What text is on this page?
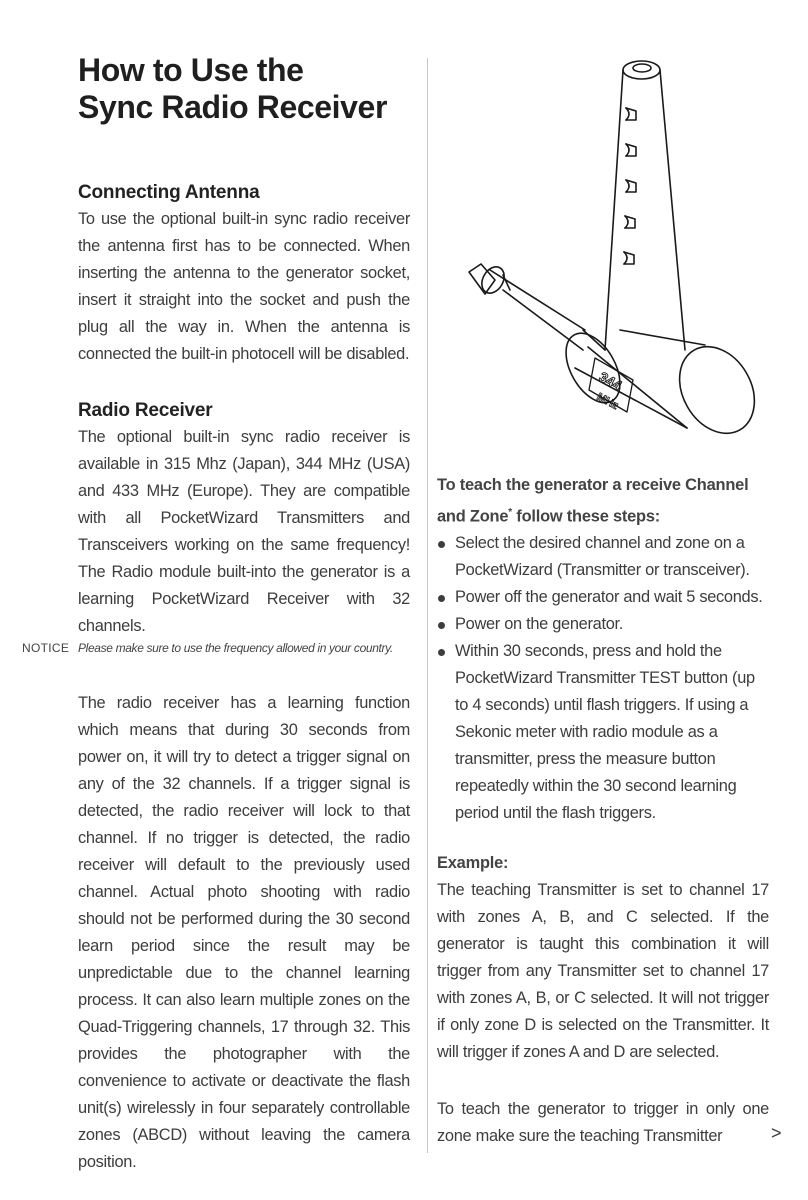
How to Use the
Sync Radio Receiver
Connecting Antenna

To use the optional built-in sync radio receiver the antenna first has to be connected. When inserting the antenna to the generator socket, insert it straight into the socket and push the plug all the way in. When the antenna is connected the built-in photocell will be disabled.

Radio Receiver

The optional built-in sync radio receiver is available in 315 Mhz (Japan), 344 MHz (USA) and 433 MHz (Europe). They are compatible with all PocketWizard Transmitters and Transceivers working on the same frequency! The Radio module built-into the generator is a learning PocketWizard Receiver with 32 channels.

NOTICE Please make sure to use the frequency allowed in your country.

The radio receiver has a learning function which means that during 30 seconds from power on, it will try to detect a trigger signal on any of the 32 channels. If a trigger signal is detected, the radio receiver will lock to that channel. If no trigger is detected, the radio receiver will default to the previously used channel. Actual photo shooting with radio should not be performed during the 30 second learn period since the result may be unpredictable due to the channel learning process. It can also learn multiple zones on the Quad-Triggering channels, 17 through 32. This provides the photographer with the convenience to activate or deactivate the flash unit(s) wirelessly in four separately controllable zones (ABCD) without leaving the camera position.

344
MHz
To teach the generator a receive Channel
and Zone* follow these steps:
Select the desired channel and zone on a PocketWizard (Transmitter or transceiver).
Power off the generator and wait 5 seconds.
Power on the generator.
Within 30 seconds, press and hold the PocketWizard Transmitter TEST button (up to 4 seconds) until flash triggers. If using a Sekonic meter with radio module as a transmitter, press the measure button repeatedly within the 30 second learning period until the flash triggers.
Example:

The teaching Transmitter is set to channel 17 with zones A, B, and C selected. If the generator is taught this combination it will trigger from any Transmitter set to channel 17 with zones A, B, or C selected. It will not trigger if only zone D is selected on the Transmitter. It will trigger if zones A and D are selected.

To teach the generator to trigger in only one zone make sure the teaching Transmitter	>
